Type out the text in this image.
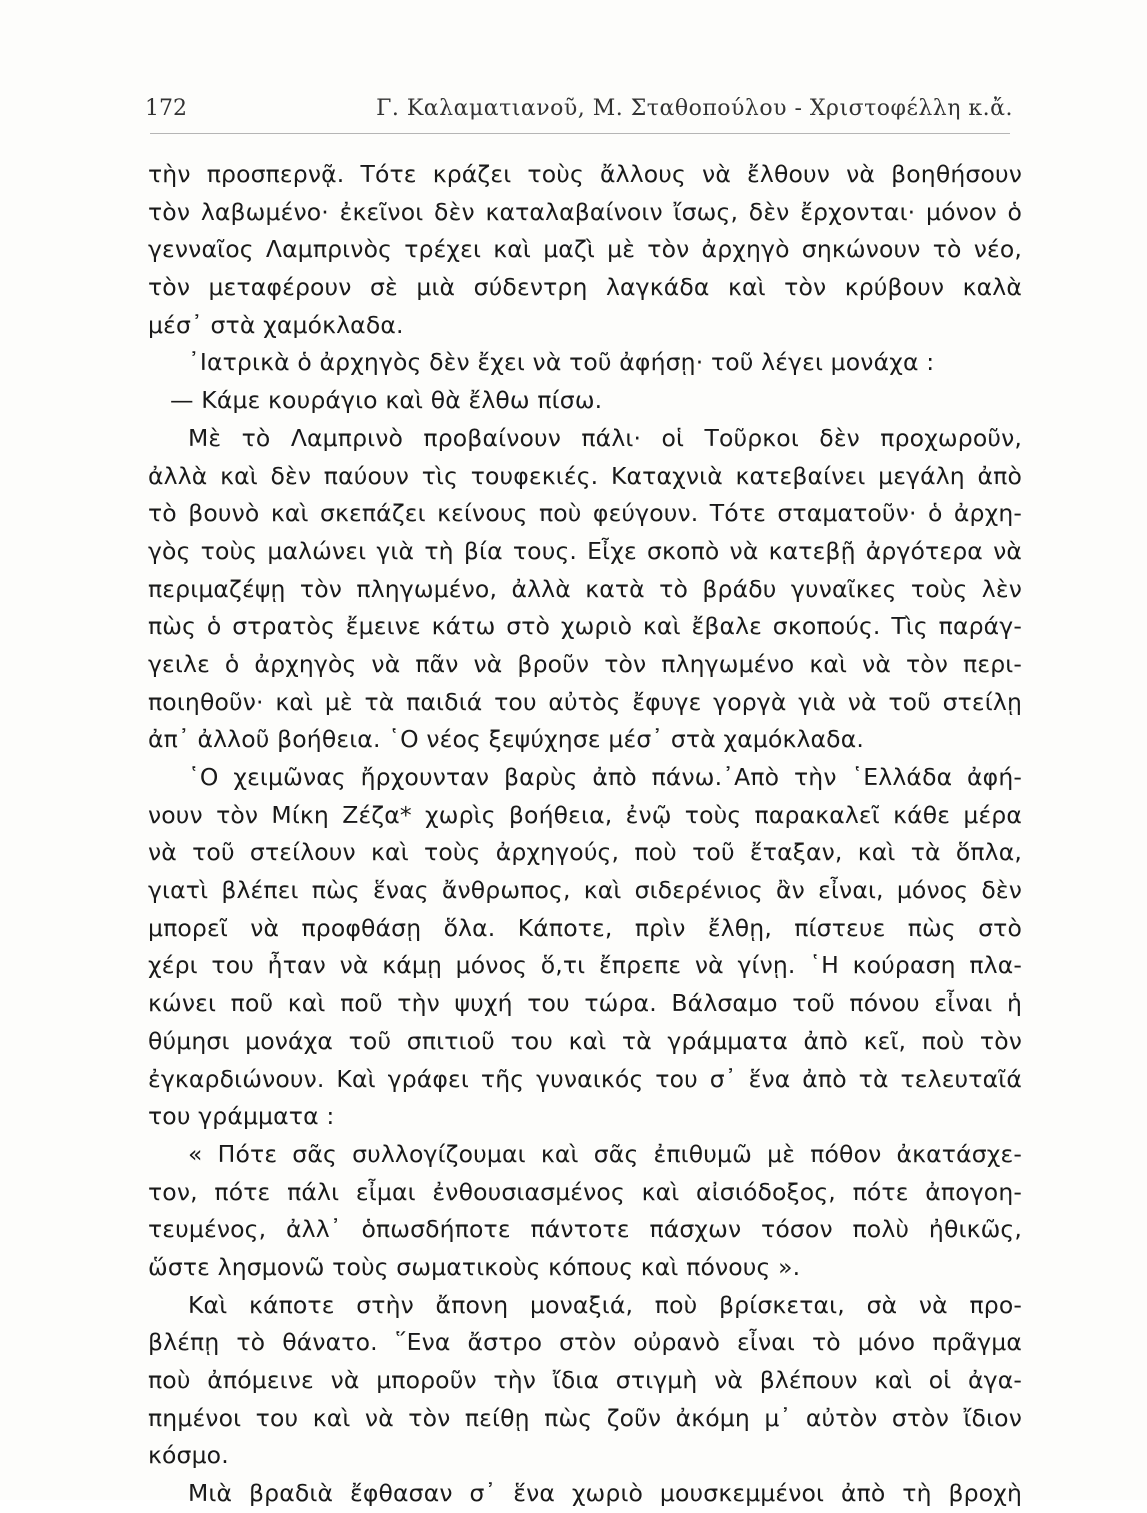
172	Γ. Καλαματιανοῦ, Μ. Σταθοπούλου - Χριστοφέλλη κ.ἄ.
τὴν προσπερνᾷ. Τότε κράζει τοὺς ἄλλους νὰ ἔλθουν νὰ βοηθήσουν
τὸν λαβωμένο· ἐκεῖνοι δὲν καταλαβαίνοιν ἴσως, δὲν ἔρχονται· μόνον ὁ
γενναῖος Λαμπρινὸς τρέχει καὶ μαζὶ μὲ τὸν ἀρχηγὸ σηκώνουν τὸ νέο,
τὸν μεταφέρουν σὲ μιὰ σύδεντρη λαγκάδα καὶ τὸν κρύβουν καλὰ
μέσ᾽ στὰ χαμόκλαδα.
᾽Ιατρικὰ ὁ ἀρχηγὸς δὲν ἔχει νὰ τοῦ ἀφήσῃ· τοῦ λέγει μονάχα :
— Κάμε κουράγιο καὶ θὰ ἔλθω πίσω.
Μὲ τὸ Λαμπρινὸ προβαίνουν πάλι· οἱ Τοῦρκοι δὲν προχωροῦν,
ἀλλὰ καὶ δὲν παύουν τὶς τουφεκιές. Καταχνιὰ κατεβαίνει μεγάλη ἀπὸ
τὸ βουνὸ καὶ σκεπάζει κείνους ποὺ φεύγουν. Τότε σταματοῦν· ὁ ἀρχη-
γὸς τοὺς μαλώνει γιὰ τὴ βία τους. Εἶχε σκοπὸ νὰ κατεβῇ ἀργότερα νὰ
περιμαζέψῃ τὸν πληγωμένο, ἀλλὰ κατὰ τὸ βράδυ γυναῖκες τοὺς λὲν
πὼς ὁ στρατὸς ἔμεινε κάτω στὸ χωριὸ καὶ ἔβαλε σκοπούς. Τὶς παράγ-
γειλε ὁ ἀρχηγὸς νὰ πᾶν νὰ βροῦν τὸν πληγωμένο καὶ νὰ τὸν περι-
ποιηθοῦν· καὶ μὲ τὰ παιδιά του αὐτὸς ἔφυγε γοργὰ γιὰ νὰ τοῦ στείλῃ
ἀπ᾽ ἀλλοῦ βοήθεια. ῾Ο νέος ξεψύχησε μέσ᾽ στὰ χαμόκλαδα.
῾Ο χειμῶνας ἤρχουνταν βαρὺς ἀπὸ πάνω.᾽Απὸ τὴν ῾Ελλάδα ἀφή-
νουν τὸν Μίκη Ζέζα* χωρὶς βοήθεια, ἐνῷ τοὺς παρακαλεῖ κάθε μέρα
νὰ τοῦ στείλουν καὶ τοὺς ἀρχηγούς, ποὺ τοῦ ἔταξαν, καὶ τὰ ὅπλα,
γιατὶ βλέπει πὼς ἕνας ἄνθρωπος, καὶ σιδερένιος ἂν εἶναι, μόνος δὲν
μπορεῖ νὰ προφθάσῃ ὅλα. Κάποτε, πρὶν ἔλθῃ, πίστευε πὼς στὸ
χέρι του ἦταν νὰ κάμῃ μόνος ὅ,τι ἔπρεπε νὰ γίνῃ. ῾Η κούραση πλα-
κώνει ποῦ καὶ ποῦ τὴν ψυχή του τώρα. Βάλσαμο τοῦ πόνου εἶναι ἡ
θύμησι μονάχα τοῦ σπιτιοῦ του καὶ τὰ γράμματα ἀπὸ κεῖ, ποὺ τὸν
ἐγκαρδιώνουν. Καὶ γράφει τῆς γυναικός του σ᾽ ἕνα ἀπὸ τὰ τελευταῖά
του γράμματα :
« Πότε σᾶς συλλογίζουμαι καὶ σᾶς ἐπιθυμῶ μὲ πόθον ἀκατάσχε-
τον, πότε πάλι εἶμαι ἐνθουσιασμένος καὶ αἰσιόδοξος, πότε ἀπογοη-
τευμένος, ἀλλ᾽ ὁπωσδήποτε πάντοτε πάσχων τόσον πολὺ ἠθικῶς,
ὥστε λησμονῶ τοὺς σωματικοὺς κόπους καὶ πόνους ».
Καὶ κάποτε στὴν ἄπονη μοναξιά, ποὺ βρίσκεται, σὰ νὰ προ-
βλέπῃ τὸ θάνατο. ῞Ενα ἄστρο στὸν οὐρανὸ εἶναι τὸ μόνο πρᾶγμα
ποὺ ἀπόμεινε νὰ μποροῦν τὴν ἴδια στιγμὴ νὰ βλέπουν καὶ οἱ ἀγα-
πημένοι του καὶ νὰ τὸν πείθῃ πὼς ζοῦν ἀκόμη μ᾽ αὐτὸν στὸν ἴδιον
κόσμο.
Μιὰ βραδιὰ ἔφθασαν σ᾽ ἕνα χωριὸ μουσκεμμένοι ἀπὸ τὴ βροχὴ
